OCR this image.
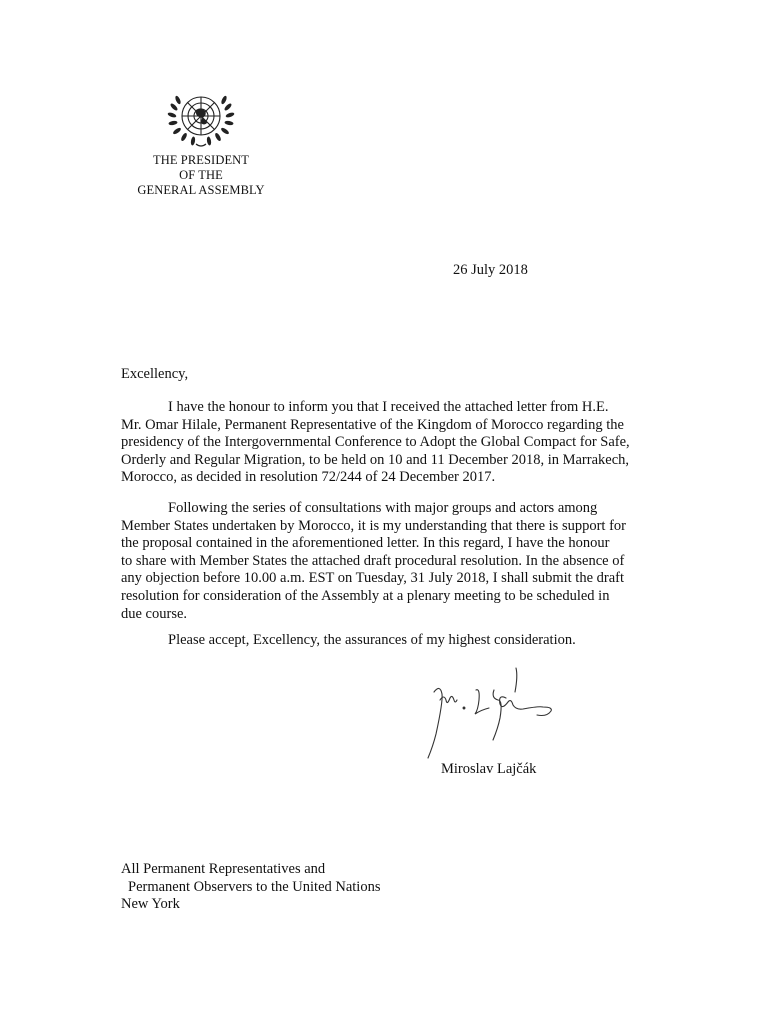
THE PRESIDENT
OF THE
GENERAL ASSEMBLY
26 July 2018
Excellency,
I have the honour to inform you that I received the attached letter from H.E.
Mr. Omar Hilale, Permanent Representative of the Kingdom of Morocco regarding the
presidency of the Intergovernmental Conference to Adopt the Global Compact for Safe,
Orderly and Regular Migration, to be held on 10 and 11 December 2018, in Marrakech,
Morocco, as decided in resolution 72/244 of 24 December 2017.
Following the series of consultations with major groups and actors among
Member States undertaken by Morocco, it is my understanding that there is support for
the proposal contained in the aforementioned letter. In this regard, I have the honour
to share with Member States the attached draft procedural resolution. In the absence of
any objection before 10.00 a.m. EST on Tuesday, 31 July 2018, I shall submit the draft
resolution for consideration of the Assembly at a plenary meeting to be scheduled in
due course.
Please accept, Excellency, the assurances of my highest consideration.
Miroslav Lajčák
All Permanent Representatives and
Permanent Observers to the United Nations
New York
